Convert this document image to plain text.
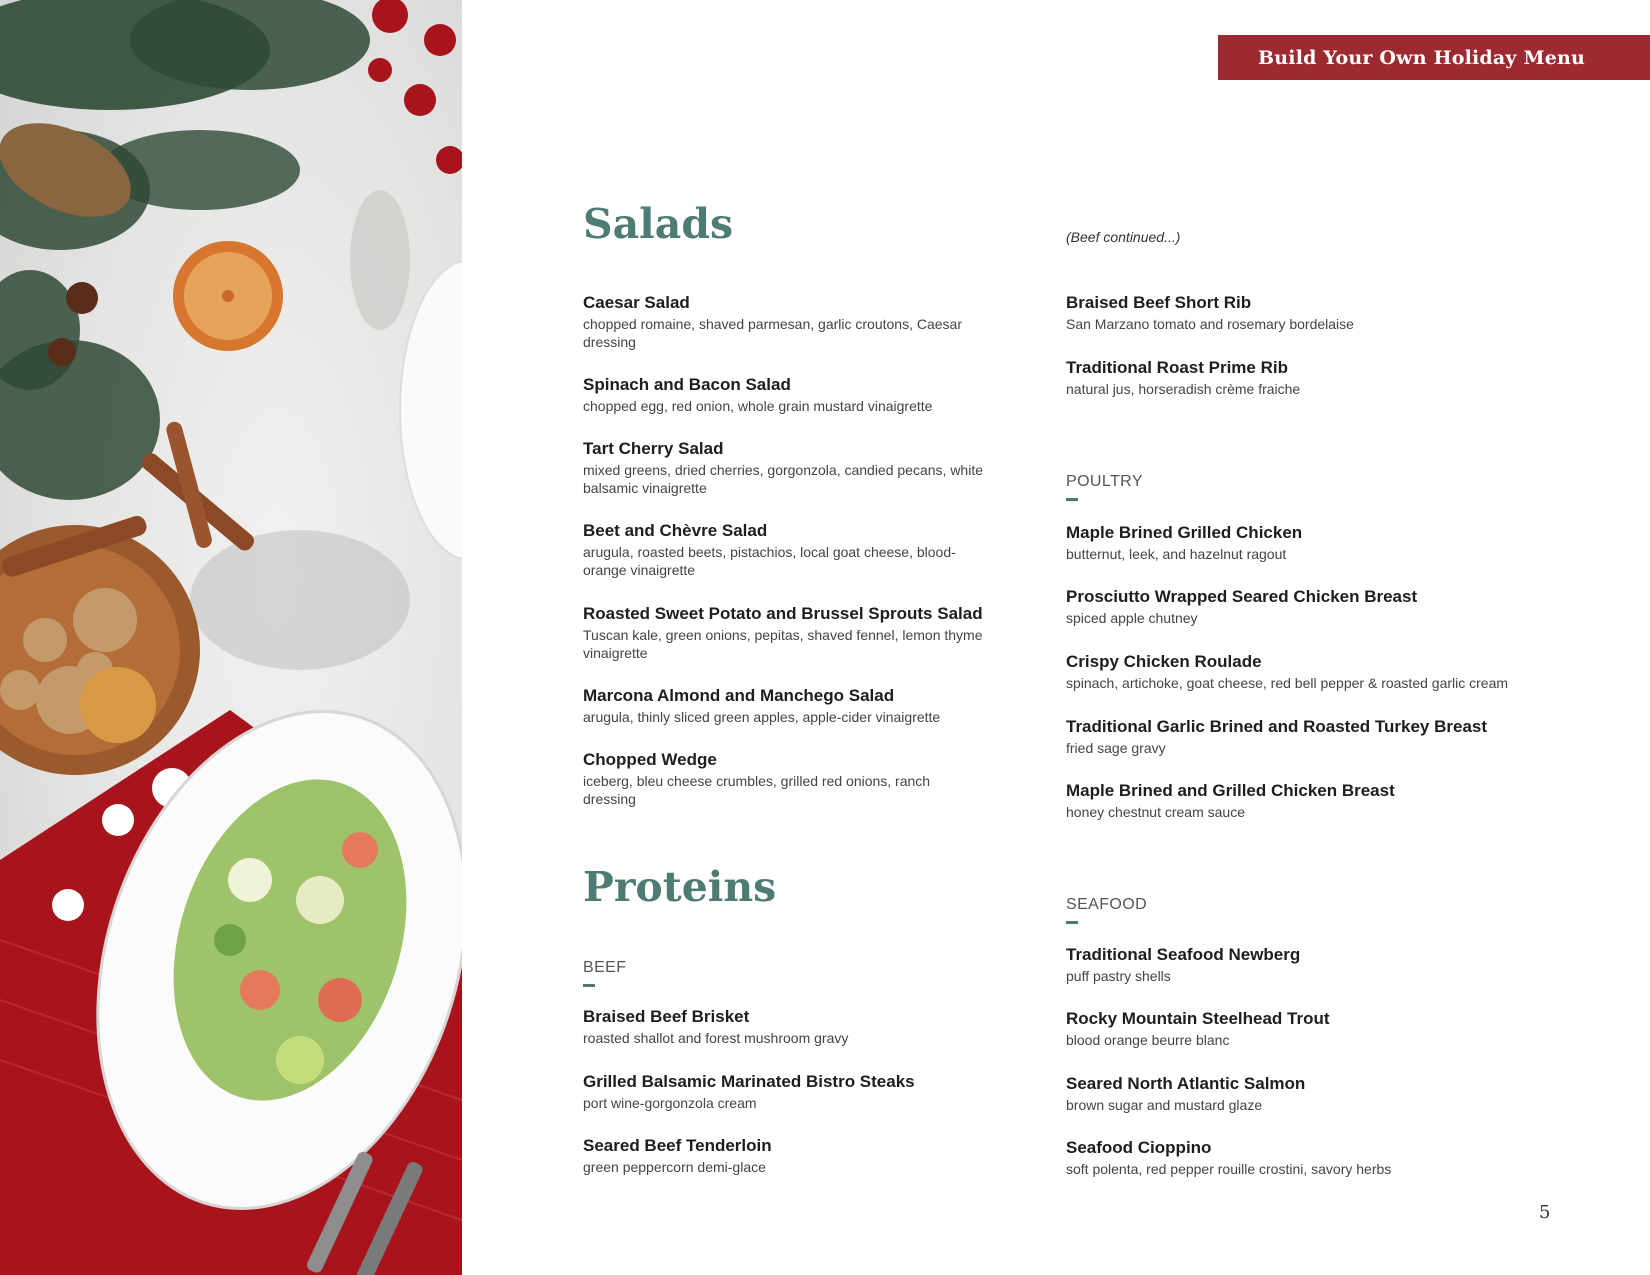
Build Your Own Holiday Menu
Salads
Caesar Salad
chopped romaine, shaved parmesan, garlic croutons, Caesar dressing
Spinach and Bacon Salad
chopped egg, red onion, whole grain mustard vinaigrette
Tart Cherry Salad
mixed greens, dried cherries, gorgonzola, candied pecans, white balsamic vinaigrette
Beet and Chèvre Salad
arugula, roasted beets, pistachios, local goat cheese, blood-orange vinaigrette
Roasted Sweet Potato and Brussel Sprouts Salad
Tuscan kale, green onions, pepitas, shaved fennel, lemon thyme vinaigrette
Marcona Almond and Manchego Salad
arugula, thinly sliced green apples, apple-cider vinaigrette
Chopped Wedge
iceberg, bleu cheese crumbles, grilled red onions, ranch dressing
Proteins
BEEF
Braised Beef Brisket
roasted shallot and forest mushroom gravy
Grilled Balsamic Marinated Bistro Steaks
port wine-gorgonzola cream
Seared Beef Tenderloin
green peppercorn demi-glace
(Beef continued...)
Braised Beef Short Rib
San Marzano tomato and rosemary bordelaise
Traditional Roast Prime Rib
natural jus, horseradish crème fraiche
POULTRY
Maple Brined Grilled Chicken
butternut, leek, and hazelnut ragout
Prosciutto Wrapped Seared Chicken Breast
spiced apple chutney
Crispy Chicken Roulade
spinach, artichoke, goat cheese, red bell pepper & roasted garlic cream
Traditional Garlic Brined and Roasted Turkey Breast
fried sage gravy
Maple Brined and Grilled Chicken Breast
honey chestnut cream sauce
SEAFOOD
Traditional Seafood Newberg
puff pastry shells
Rocky Mountain Steelhead Trout
blood orange beurre blanc
Seared North Atlantic Salmon
brown sugar and mustard glaze
Seafood Cioppino
soft polenta, red pepper rouille crostini, savory herbs
5
